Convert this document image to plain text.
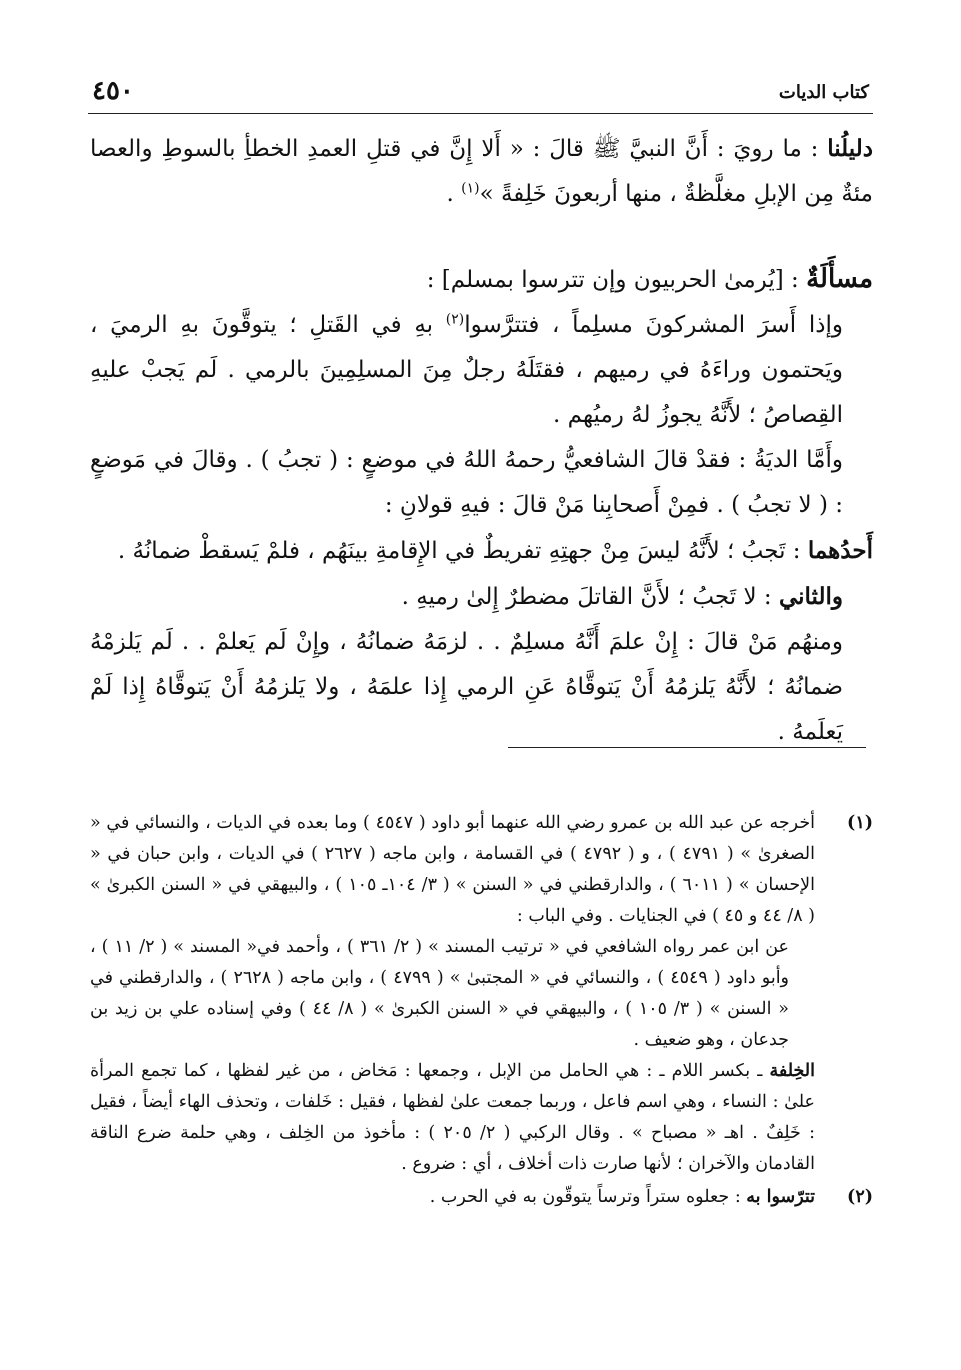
٤٥٠	كتاب الديات

دليلُنا : ما رويَ : أَنَّ النبيَّ ﷺ قالَ : « أَلا إِنَّ في قتلِ العمدِ الخطأِ بالسوطِ والعصا مئةٌ مِن الإبلِ مغلَّظةٌ ، منها أربعونَ خَلِفةً »$^{(١)}$ .

مسأَلَةٌ : [يُرمىٰ الحربيون وإن تترسوا بمسلم] :

وإذا أَسرَ المشركونَ مسلِماً ، فتترَّسوا$^{(٢)}$ بهِ في القَتلِ ؛ يتوقَّونَ بهِ الرميَ ، ويَحتمون وراءَهُ في رميهم ، فقتَلَهُ رجلٌ مِنَ المسلِمِينَ بالرمي . لَم يَجبْ عليهِ القِصاصُ ؛ لأَنَّهُ يجوزُ لهُ رميُهم .

وأَمَّا الديَةُ : فقدْ قالَ الشافعيُّ رحمهُ اللهُ في موضعٍ : ( تجبُ ) . وقالَ في مَوضعٍ : ( لا تجبُ ) . فمِنْ أَصحابِنا مَنْ قالَ : فيهِ قولانِ :

أَحدُهما : تَجبُ ؛ لأَنَّهُ ليسَ مِنْ جهتِهِ تفريطٌ في الإِقامةِ بينَهُم ، فلمْ يَسقطْ ضمانُهُ .

والثاني : لا تَجبُ ؛ لأَنَّ القاتلَ مضطرٌ إِلىٰ رميهِ .

ومنهُم مَنْ قالَ : إِنْ علمَ أَنَّهُ مسلِمٌ . . لزمَهُ ضمانُهُ ، وإِنْ لَم يَعلمْ . . لَم يَلزمْهُ ضمانُهُ ؛ لأَنَّهُ يَلزمُهُ أَنْ يَتوقَّاهُ عَنِ الرمي إِذا علمَهُ ، ولا يَلزمُهُ أَنْ يَتوقَّاهُ إِذا لَمْ يَعلَمهُ .

(١)

أخرجه عن عبد الله بن عمرو رضي الله عنهما أبو داود ( ٤٥٤٧ ) وما بعده في الديات ، والنسائي في « الصغرىٰ » ( ٤٧٩١ ) ، و ( ٤٧٩٢ ) في القسامة ، وابن ماجه ( ٢٦٢٧ ) في الديات ، وابن حبان في « الإحسان » ( ٦٠١١ ) ، والدارقطني في « السنن » ( ٣/ ١٠٤ـ ١٠٥ ) ، والبيهقي في « السنن الكبرىٰ » ( ٨/ ٤٤ و ٤٥ ) في الجنايات . وفي الباب :

عن ابن عمر رواه الشافعي في « ترتيب المسند » ( ٢/ ٣٦١ ) ، وأحمد في« المسند » ( ٢/ ١١ ) ، وأبو داود ( ٤٥٤٩ ) ، والنسائي في « المجتبىٰ » ( ٤٧٩٩ ) ، وابن ماجه ( ٢٦٢٨ ) ، والدارقطني في « السنن » ( ٣/ ١٠٥ ) ، والبيهقي في « السنن الكبرىٰ » ( ٨/ ٤٤ ) وفي إسناده علي بن زيد بن جدعان ، وهو ضعيف .

الخِلفة ـ بكسر اللام ـ : هي الحامل من الإبل ، وجمعها : مَخاض ، من غير لفظها ، كما تجمع المرأة علىٰ : النساء ، وهي اسم فاعل ، وربما جمعت علىٰ لفظها ، فقيل : خَلفات ، وتحذف الهاء أيضاً ، فقيل : خَلِفٌ . اهـ « مصباح » . وقال الركبي ( ٢/ ٢٠٥ ) : مأخوذ من الخِلف ، وهي حلمة ضرع الناقة القادمان والآخران ؛ لأنها صارت ذات أخلاف ، أي : ضروع .

(٢)

تترّسوا به : جعلوه ستراً وترساً يتوقّون به في الحرب .
